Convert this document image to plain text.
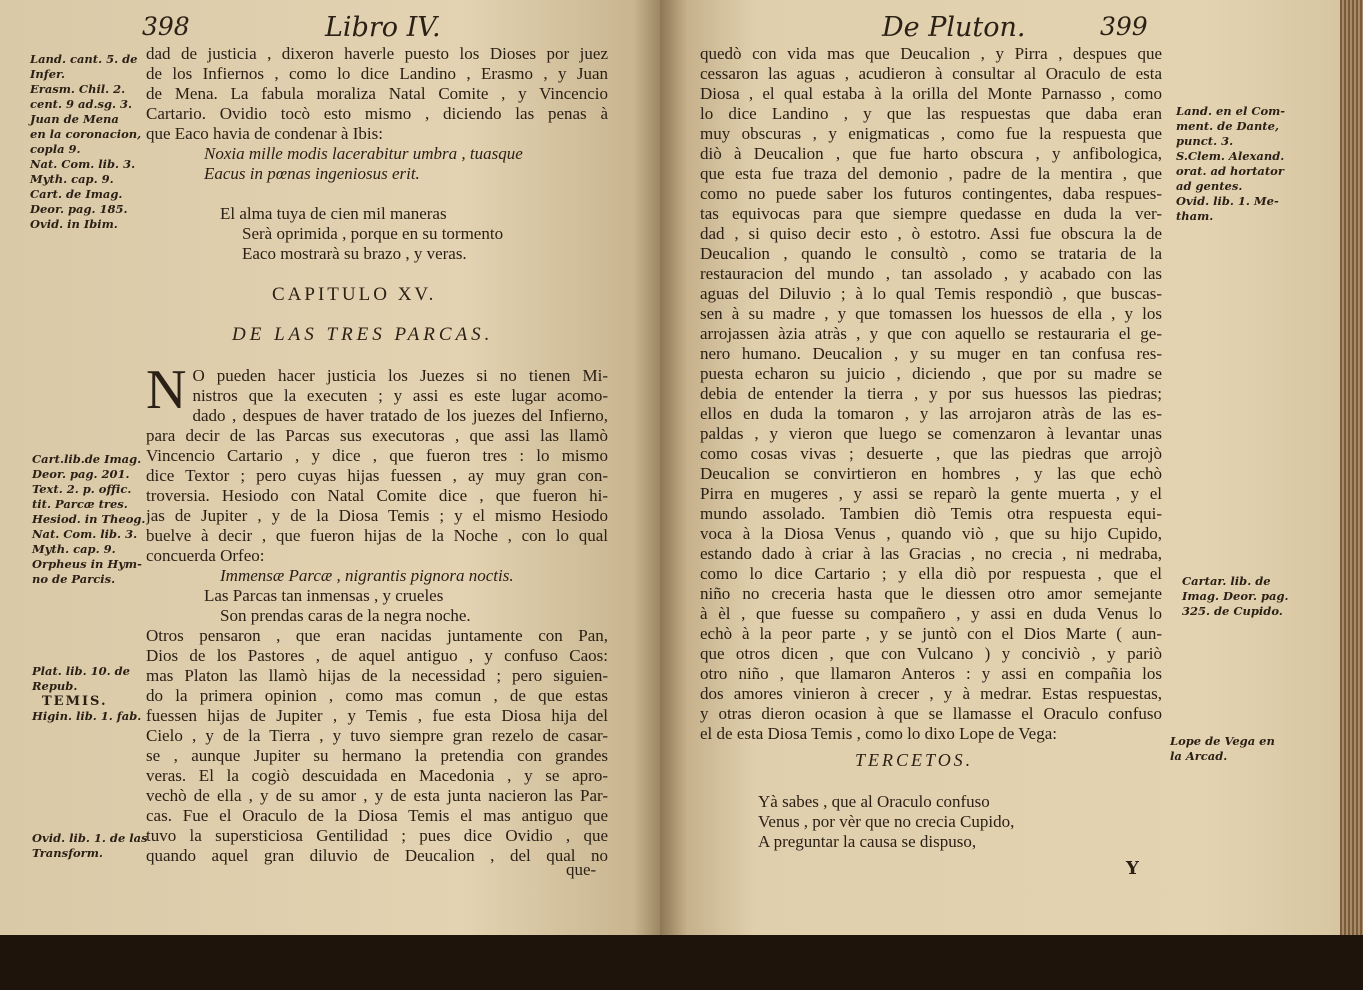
398	Libro IV.
Land. cant. 5. de
Infer.
Erasm. Chil. 2.
cent. 9 ad.sg. 3.
Juan de Mena
en la coronacion,
copla 9.
Nat. Com. lib. 3.
Myth. cap. 9.
Cart. de Imag.
Deor. pag. 185.
Ovid. in Ibim.
Cart.lib.de Imag.
Deor. pag. 201.
Text. 2. p. offic.
tit. Parcæ tres.
Hesiod. in Theog.
Nat. Com. lib. 3.
Myth. cap. 9.
Orpheus in Hym-
no de Parcis.
Plat. lib. 10. de
Repub.
TEMIS.
Higin. lib. 1. fab.
Ovid. lib. 1. de las
Transform.
dad de justicia , dixeron haverle puesto los Dioses por juez
de los Infiernos , como lo dice Landino , Erasmo , y Juan
de Mena. La fabula moraliza Natal Comite , y Vincencio
Cartario. Ovidio tocò esto mismo , diciendo las penas à
que Eaco havia de condenar à Ibis:
Noxia mille modis lacerabitur umbra , tuasque
Eacus in pœnas ingeniosus erit.
El alma tuya de cien mil maneras
Serà oprimida , porque en su tormento
Eaco mostrarà su brazo , y veras.
CAPITULO XV.
DE LAS TRES PARCAS.
N O pueden hacer justicia los Juezes si no tienen Mi-
nistros que la executen ; y assi es este lugar acomo-
dado , despues de haver tratado de los juezes del Infierno,
para decir de las Parcas sus executoras , que assi las llamò
Vincencio Cartario , y dice , que fueron tres : lo mismo
dice Textor ; pero cuyas hijas fuessen , ay muy gran con-
troversia. Hesiodo con Natal Comite dice , que fueron hi-
jas de Jupiter , y de la Diosa Temis ; y el mismo Hesiodo
buelve à decir , que fueron hijas de la Noche , con lo qual
concuerda Orfeo:
Immensæ Parcæ , nigrantis pignora noctis.
Las Parcas tan inmensas , y crueles
Son prendas caras de la negra noche.
Otros pensaron , que eran nacidas juntamente con Pan,
Dios de los Pastores , de aquel antiguo , y confuso Caos:
mas Platon las llamò hijas de la necessidad ; pero siguien-
do la primera opinion , como mas comun , de que estas
fuessen hijas de Jupiter , y Temis , fue esta Diosa hija del
Cielo , y de la Tierra , y tuvo siempre gran rezelo de casar-
se , aunque Jupiter su hermano la pretendia con grandes
veras. El la cogiò descuidada en Macedonia , y se apro-
vechò de ella , y de su amor , y de esta junta nacieron las Par-
cas. Fue el Oraculo de la Diosa Temis el mas antiguo que
tuvo la supersticiosa Gentilidad ; pues dice Ovidio , que
quando aquel gran diluvio de Deucalion , del qual no
que-
De Pluton.	399
quedò con vida mas que Deucalion , y Pirra , despues que
cessaron las aguas , acudieron à consultar al Oraculo de esta
Diosa , el qual estaba à la orilla del Monte Parnasso , como
lo dice Landino , y que las respuestas que daba eran
muy obscuras , y enigmaticas , como fue la respuesta que
diò à Deucalion , que fue harto obscura , y anfibologica,
que esta fue traza del demonio , padre de la mentira , que
como no puede saber los futuros contingentes, daba respues-
tas equivocas para que siempre quedasse en duda la ver-
dad , si quiso decir esto , ò estotro. Assi fue obscura la de
Deucalion , quando le consultò , como se trataria de la
restauracion del mundo , tan assolado , y acabado con las
aguas del Diluvio ; à lo qual Temis respondiò , que buscas-
sen à su madre , y que tomassen los huessos de ella , y los
arrojassen àzia atràs , y que con aquello se restauraria el ge-
nero humano. Deucalion , y su muger en tan confusa res-
puesta echaron su juicio , diciendo , que por su madre se
debia de entender la tierra , y por sus huessos las piedras;
ellos en duda la tomaron , y las arrojaron atràs de las es-
paldas , y vieron que luego se comenzaron à levantar unas
como cosas vivas ; desuerte , que las piedras que arrojò
Deucalion se convirtieron en hombres , y las que echò
Pirra en mugeres , y assi se reparò la gente muerta , y el
mundo assolado. Tambien diò Temis otra respuesta equi-
voca à la Diosa Venus , quando viò , que su hijo Cupido,
estando dado à criar à las Gracias , no crecia , ni medraba,
como lo dice Cartario ; y ella diò por respuesta , que el
niño no creceria hasta que le diessen otro amor semejante
à èl , que fuesse su compañero , y assi en duda Venus lo
echò à la peor parte , y se juntò con el Dios Marte ( aun-
que otros dicen , que con Vulcano ) y conciviò , y pariò
otro niño , que llamaron Anteros : y assi en compañia los
dos amores vinieron à crecer , y à medrar. Estas respuestas,
y otras dieron ocasion à que se llamasse el Oraculo confuso
el de esta Diosa Temis , como lo dixo Lope de Vega:
TERCETOS.
Yà sabes , que al Oraculo confuso
Venus , por vèr que no crecia Cupido,
A preguntar la causa se dispuso,
Y
Land. en el Com-
ment. de Dante,
punct. 3.
S.Clem. Alexand.
orat. ad hortator
ad gentes.
Ovid. lib. 1. Me-
tham.
Cartar. lib. de
Imag. Deor. pag.
325. de Cupido.
Lope de Vega en
la Arcad.
